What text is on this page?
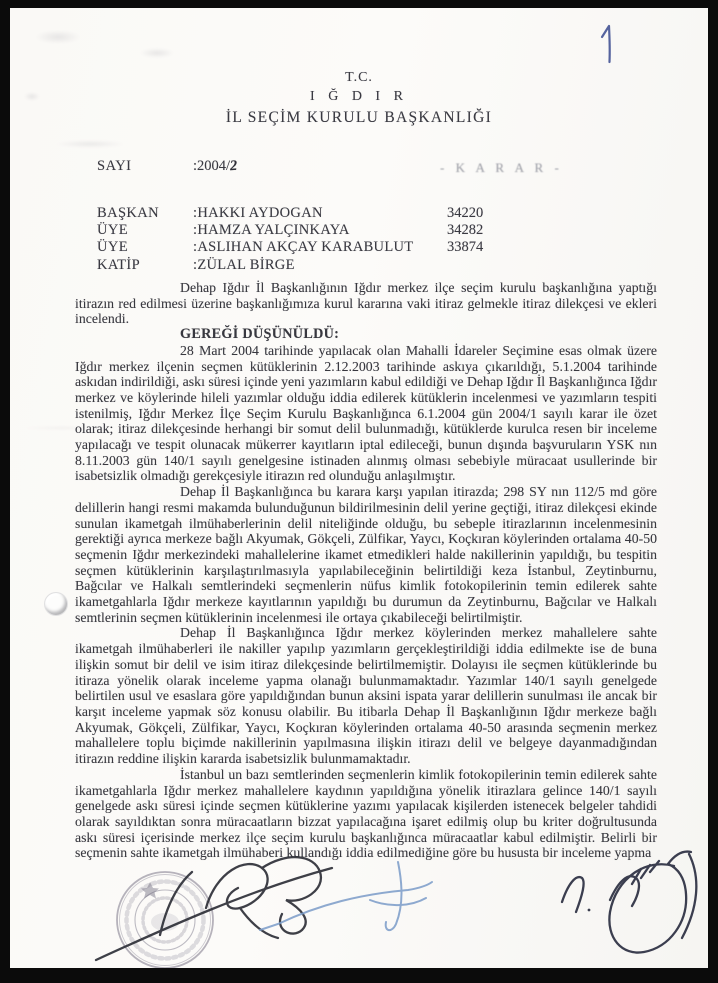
T.C.
I Ğ D I R
İL SEÇİM KURULU BAŞKANLIĞI
SAYI	:2004/2	- K A R A R -
BAŞKAN :HAKKI AYDOGAN	34220
ÜYE	:HAMZA YALÇINKAYA	34282
ÜYE	:ASLIHAN AKÇAY KARABULUT 33874
KATİP	:ZÜLAL BİRGE

Dehap Iğdır İl Başkanlığının Iğdır merkez ilçe seçim kurulu başkanlığına yaptığı itirazın red edilmesi üzerine başkanlığımıza kurul kararına vaki itiraz gelmekle itiraz dilekçesi ve ekleri incelendi.

GEREĞİ DÜŞÜNÜLDÜ:

28 Mart 2004 tarihinde yapılacak olan Mahalli İdareler Seçimine esas olmak üzere Iğdır merkez ilçenin seçmen kütüklerinin 2.12.2003 tarihinde askıya çıkarıldığı, 5.1.2004 tarihinde askıdan indirildiği, askı süresi içinde yeni yazımların kabul edildiği ve Dehap Iğdır İl Başkanlığınca Iğdır merkez ve köylerinde hileli yazımlar olduğu iddia edilerek kütüklerin incelenmesi ve yazımların tespiti istenilmiş, Iğdır Merkez İlçe Seçim Kurulu Başkanlığınca 6.1.2004 gün 2004/1 sayılı karar ile özet olarak; itiraz dilekçesinde herhangi bir somut delil bulunmadığı, kütüklerde kurulca resen bir inceleme yapılacağı ve tespit olunacak mükerrer kayıtların iptal edileceği, bunun dışında başvuruların YSK nın 8.11.2003 gün 140/1 sayılı genelgesine istinaden alınmış olması sebebiyle müracaat usullerinde bir isabetsizlik olmadığı gerekçesiyle itirazın red olunduğu anlaşılmıştır.

Dehap İl Başkanlığınca bu karara karşı yapılan itirazda; 298 SY nın 112/5 md göre delillerin hangi resmi makamda bulunduğunun bildirilmesinin delil yerine geçtiği, itiraz dilekçesi ekinde sunulan ikametgah ilmühaberlerinin delil niteliğinde olduğu, bu sebeple itirazlarının incelenmesinin gerektiği ayrıca merkeze bağlı Akyumak, Gökçeli, Zülfikar, Yaycı, Koçkıran köylerinden ortalama 40-50 seçmenin Iğdır merkezindeki mahallelerine ikamet etmedikleri halde nakillerinin yapıldığı, bu tespitin seçmen kütüklerinin karşılaştırılmasıyla yapılabileceğinin belirtildiği keza İstanbul, Zeytinburnu, Bağcılar ve Halkalı semtlerindeki seçmenlerin nüfus kimlik fotokopilerinin temin edilerek sahte ikametgahlarla Iğdır merkeze kayıtlarının yapıldığı bu durumun da Zeytinburnu, Bağcılar ve Halkalı semtlerinin seçmen kütüklerinin incelenmesi ile ortaya çıkabileceği belirtilmiştir.

Dehap İl Başkanlığınca Iğdır merkez köylerinden merkez mahallelere sahte ikametgah ilmühaberleri ile nakiller yapılıp yazımların gerçekleştirildiği iddia edilmekte ise de buna ilişkin somut bir delil ve isim itiraz dilekçesinde belirtilmemiştir. Dolayısı ile seçmen kütüklerinde bu itiraza yönelik olarak inceleme yapma olanağı bulunmamaktadır. Yazımlar 140/1 sayılı genelgede belirtilen usul ve esaslara göre yapıldığından bunun aksini ispata yarar delillerin sunulması ile ancak bir karşıt inceleme yapmak söz konusu olabilir. Bu itibarla Dehap İl Başkanlığının Iğdır merkeze bağlı Akyumak, Gökçeli, Zülfikar, Yaycı, Koçkıran köylerinden ortalama 40-50 arasında seçmenin merkez mahallelere toplu biçimde nakillerinin yapılmasına ilişkin itirazı delil ve belgeye dayanmadığından itirazın reddine ilişkin kararda isabetsizlik bulunmamaktadır.

İstanbul un bazı semtlerinden seçmenlerin kimlik fotokopilerinin temin edilerek sahte ikametgahlarla Iğdır merkez mahallelere kaydının yapıldığına yönelik itirazlara gelince 140/1 sayılı genelgede askı süresi içinde seçmen kütüklerine yazımı yapılacak kişilerden istenecek belgeler tahdidi olarak sayıldıktan sonra müracaatların bizzat yapılacağına işaret edilmiş olup bu kriter doğrultusunda askı süresi içerisinde merkez ilçe seçim kurulu başkanlığınca müracaatlar kabul edilmiştir. Belirli bir seçmenin sahte ikametgah ilmühaberi kullandığı iddia edilmediğine göre bu hususta bir inceleme yapma
